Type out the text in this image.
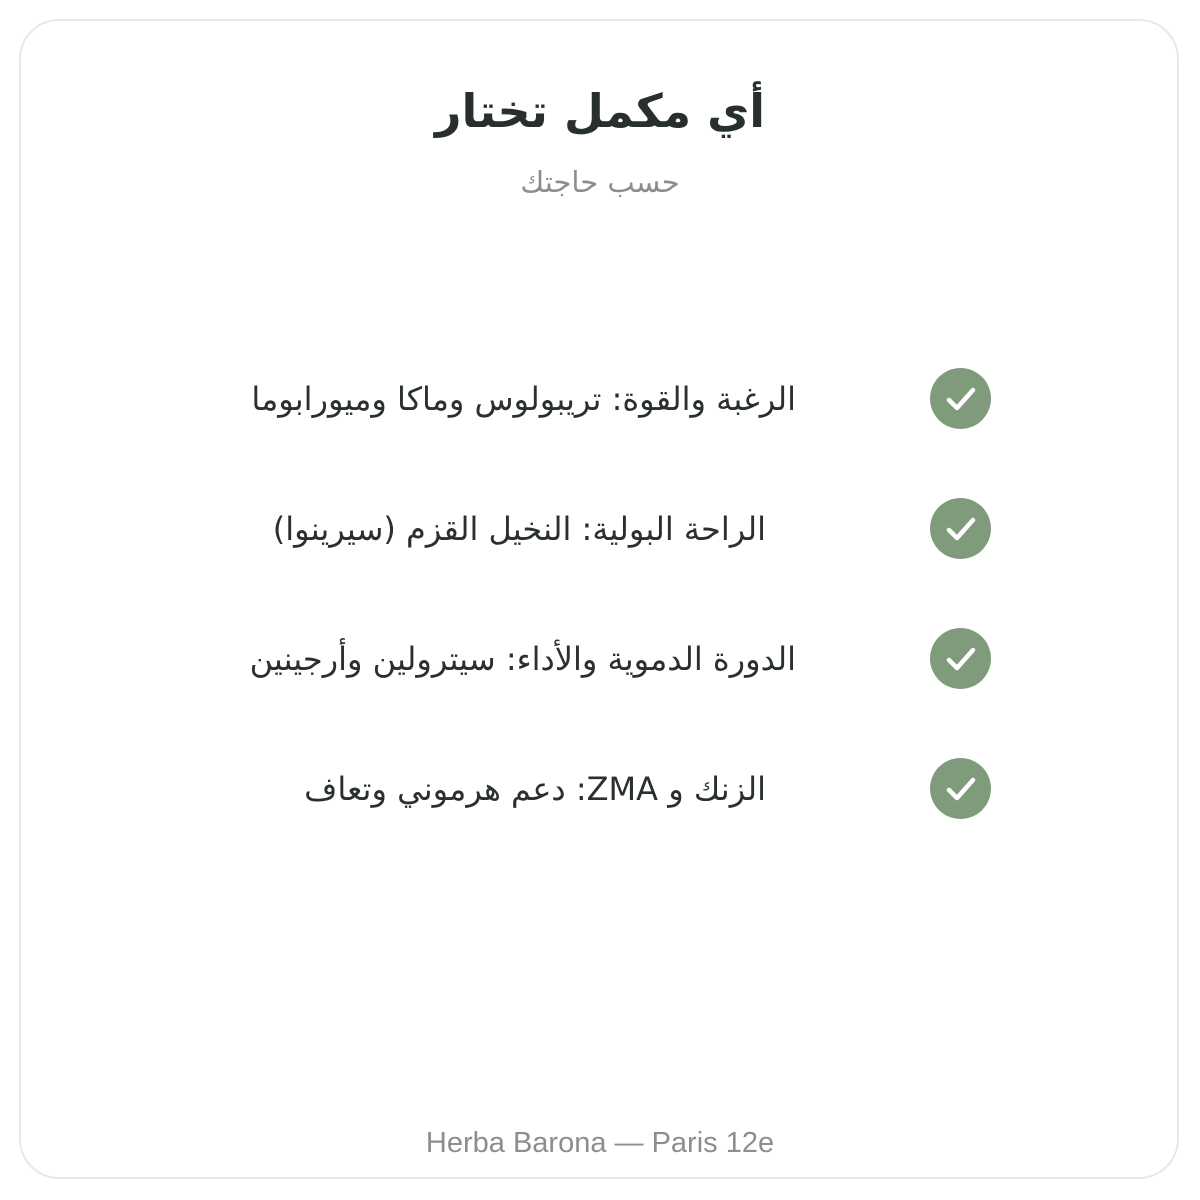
أي مكمل تختار
حسب حاجتك
الرغبة والقوة: تريبولوس وماكا وميورابوما
الراحة البولية: النخيل القزم (سيرينوا)
الدورة الدموية والأداء: سيترولين وأرجينين
الزنك و ZMA: دعم هرموني وتعاف
Herba Barona — Paris 12e
